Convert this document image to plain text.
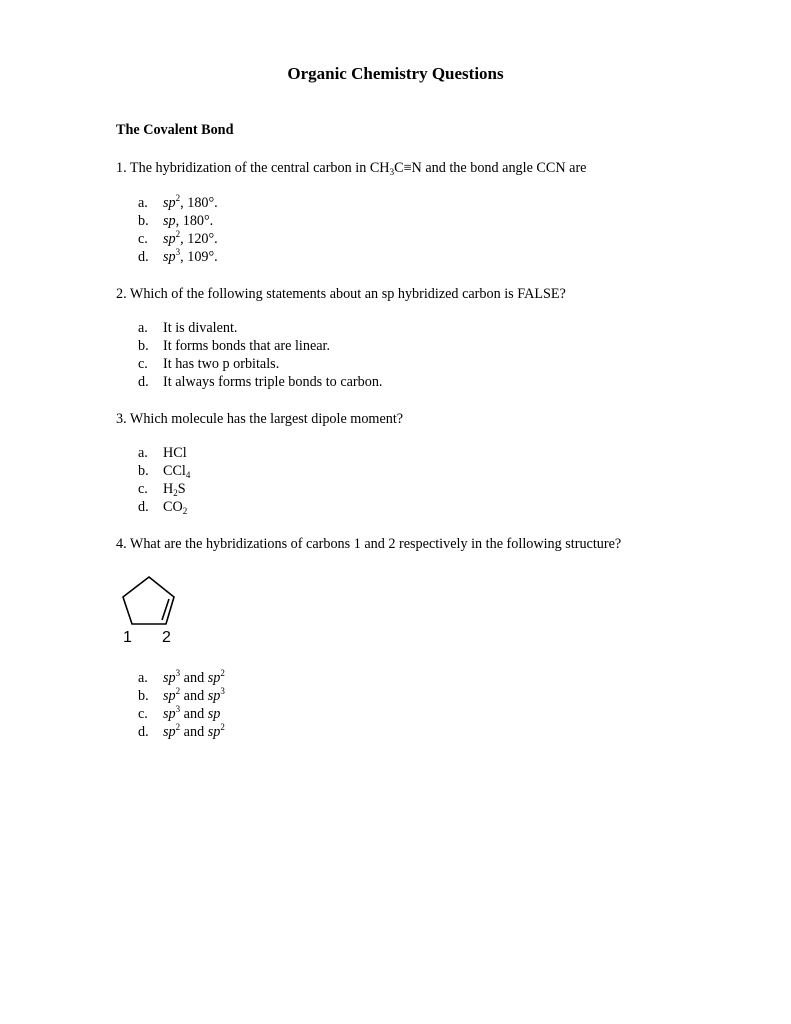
Organic Chemistry Questions
The Covalent Bond
1. The hybridization of the central carbon in $CH_3C\equiv N$ and the bond angle CCN are
a. $sp^2$, 180°.
b. sp, 180°.
c. $sp^2$, 120°.
d. $sp^3$, 109°.
2. Which of the following statements about an sp hybridized carbon is FALSE?
a. It is divalent.
b. It forms bonds that are linear.
c. It has two p orbitals.
d. It always forms triple bonds to carbon.
3. Which molecule has the largest dipole moment?
a. HCl
b. CCl$_4$
c. $H_2S$
d. $CO_2$
4. What are the hybridizations of carbons 1 and 2 respectively in the following structure?
1 2
a. $sp^3$ and $sp^2$
b. $sp^2$ and $sp^3$
c. $sp^3$ and sp
d. $sp^2$ and $sp^2$
